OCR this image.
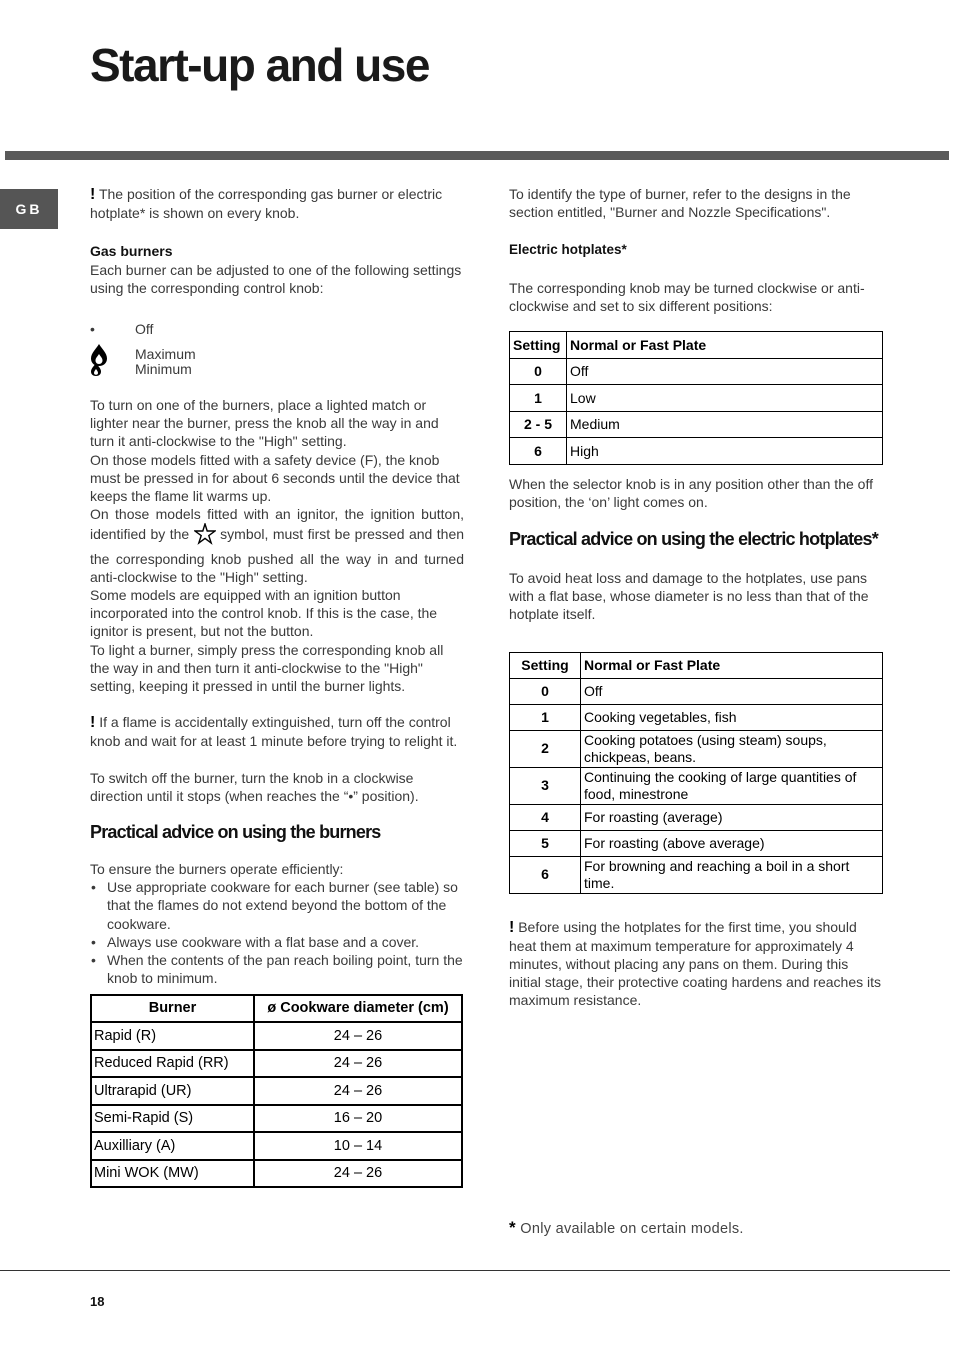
Start-up and use
GB

! The position of the corresponding gas burner or electric hotplate* is shown on every knob.

Gas burners

Each burner can be adjusted to one of the following settings using the corresponding control knob:

•	Off
Maximum
Minimum

To turn on one of the burners, place a lighted match or lighter near the burner, press the knob all the way in and turn it anti-clockwise to the "High" setting.

On those models fitted with a safety device (F), the knob must be pressed in for about 6 seconds until the device that keeps the flame lit warms up.

On those models fitted with an ignitor, the ignition button, identified by the symbol, must first be pressed and then the corresponding knob pushed all the way in and turned anti-clockwise to the "High" setting.

Some models are equipped with an ignition button incorporated into the control knob. If this is the case, the ignitor is present, but not the button.

To light a burner, simply press the corresponding knob all the way in and then turn it anti-clockwise to the "High" setting, keeping it pressed in until the burner lights.

! If a flame is accidentally extinguished, turn off the control knob and wait for at least 1 minute before trying to relight it.

To switch off the burner, turn the knob in a clockwise direction until it stops (when reaches the “•” position).

Practical advice on using the burners

To ensure the burners operate efficiently:

• Use appropriate cookware for each burner (see table) so that the flames do not extend beyond the bottom of the cookware.
• Always use cookware with a flat base and a cover.
• When the contents of the pan reach boiling point, turn the knob to minimum.
Burner	ø Cookware diameter (cm)
Rapid (R)	24 – 26
Reduced Rapid (RR)	24 – 26
Ultrarapid (UR)	24 – 26
Semi-Rapid (S)	16 – 20
Auxilliary (A)	10 – 14
Mini WOK (MW)	24 – 26

To identify the type of burner, refer to the designs in the section entitled, "Burner and Nozzle Specifications".

Electric hotplates*

The corresponding knob may be turned clockwise or anti-clockwise and set to six different positions:

Setting	Normal or Fast Plate
0	Off
1	Low
2 - 5	Medium
6	High

When the selector knob is in any position other than the off position, the ‘on’ light comes on.

Practical advice on using the electric hotplates*

To avoid heat loss and damage to the hotplates, use pans with a flat base, whose diameter is no less than that of the hotplate itself.

Setting	Normal or Fast Plate
0	Off
1	Cooking vegetables, fish
2	Cooking potatoes (using steam) soups, chickpeas, beans.
3	Continuing the cooking of large quantities of food, minestrone
4	For roasting (average)
5	For roasting (above average)
6	For browning and reaching a boil in a short time.

! Before using the hotplates for the first time, you should heat them at maximum temperature for approximately 4 minutes, without placing any pans on them. During this initial stage, their protective coating hardens and reaches its maximum resistance.

* Only available on certain models.
18
